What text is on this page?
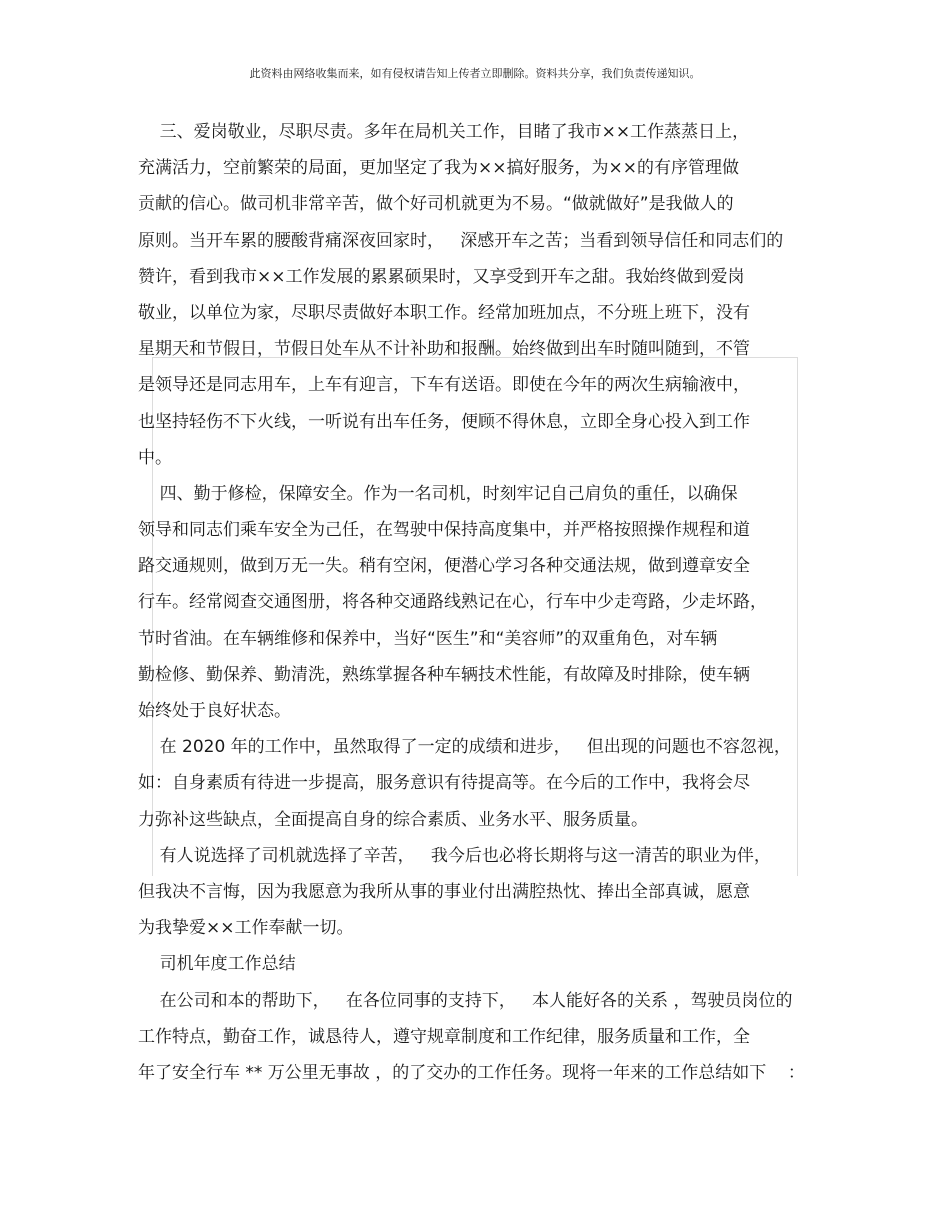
此资料由网络收集而来，如有侵权请告知上传者立即删除。资料共分享，我们负责传递知识。
三、爱岗敬业，尽职尽责。多年在局机关工作，目睹了我市××工作蒸蒸日上，
充满活力，空前繁荣的局面，更加坚定了我为××搞好服务，为××的有序管理做
贡献的信心。做司机非常辛苦，做个好司机就更为不易。“做就做好”是我做人的
原则。当开车累的腰酸背痛深夜回家时，   深感开车之苦；当看到领导信任和同志们的
赞许，看到我市××工作发展的累累硕果时，又享受到开车之甜。我始终做到爱岗
敬业，以单位为家，尽职尽责做好本职工作。经常加班加点，不分班上班下，没有
星期天和节假日，节假日处车从不计补助和报酬。始终做到出车时随叫随到，不管
是领导还是同志用车，上车有迎言，下车有送语。即使在今年的两次生病输液中，
也坚持轻伤不下火线，一听说有出车任务，便顾不得休息，立即全身心投入到工作
中。
四、勤于修检，保障安全。作为一名司机，时刻牢记自己肩负的重任，以确保
领导和同志们乘车安全为己任，在驾驶中保持高度集中，并严格按照操作规程和道
路交通规则，做到万无一失。稍有空闲，便潜心学习各种交通法规，做到遵章安全
行车。经常阅查交通图册，将各种交通路线熟记在心，行车中少走弯路，少走坏路，
节时省油。在车辆维修和保养中，当好“医生”和“美容师”的双重角色，对车辆
勤检修、勤保养、勤清洗，熟练掌握各种车辆技术性能，有故障及时排除，使车辆
始终处于良好状态。
在 2020 年的工作中，虽然取得了一定的成绩和进步，   但出现的问题也不容忽视，
如：自身素质有待进一步提高，服务意识有待提高等。在今后的工作中，我将会尽
力弥补这些缺点，全面提高自身的综合素质、业务水平、服务质量。
有人说选择了司机就选择了辛苦，   我今后也必将长期将与这一清苦的职业为伴，
但我决不言悔，因为我愿意为我所从事的事业付出满腔热忱、捧出全部真诚，愿意
为我挚爱××工作奉献一切。
司机年度工作总结
在公司和本的帮助下，   在各位同事的支持下，   本人能好各的关系 ，驾驶员岗位的
工作特点，勤奋工作，诚恳待人，遵守规章制度和工作纪律，服务质量和工作，全
年了安全行车 ** 万公里无事故 ，的了交办的工作任务。现将一年来的工作总结如下    ：
